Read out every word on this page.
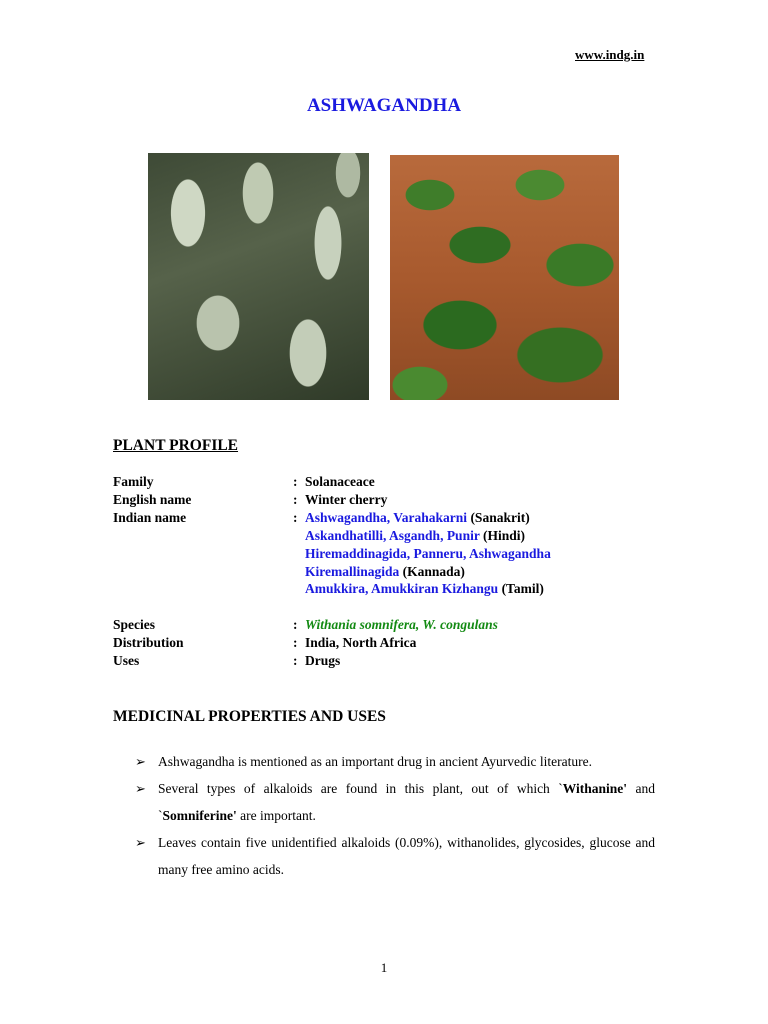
www.indg.in
ASHWAGANDHA
PLANT PROFILE
Family	: Solanaceace
English name	: Winter cherry
Indian name	: Ashwagandha, Varahakarni (Sanakrit)
Askandhatilli, Asgandh, Punir (Hindi)
Hiremaddinagida, Panneru, Ashwagandha
Kiremallinagida (Kannada)
Amukkira, Amukkiran Kizhangu (Tamil)
Species	: Withania somnifera, W. congulans
Distribution	: India, North Africa
Uses	: Drugs
MEDICINAL PROPERTIES AND USES
➢ Ashwagandha is mentioned as an important drug in ancient Ayurvedic literature.
➢ Several types of alkaloids are found in this plant, out of which `Withanine' and `Somniferine' are important.
➢ Leaves contain five unidentified alkaloids (0.09%), withanolides, glycosides, glucose and many free amino acids.
1
